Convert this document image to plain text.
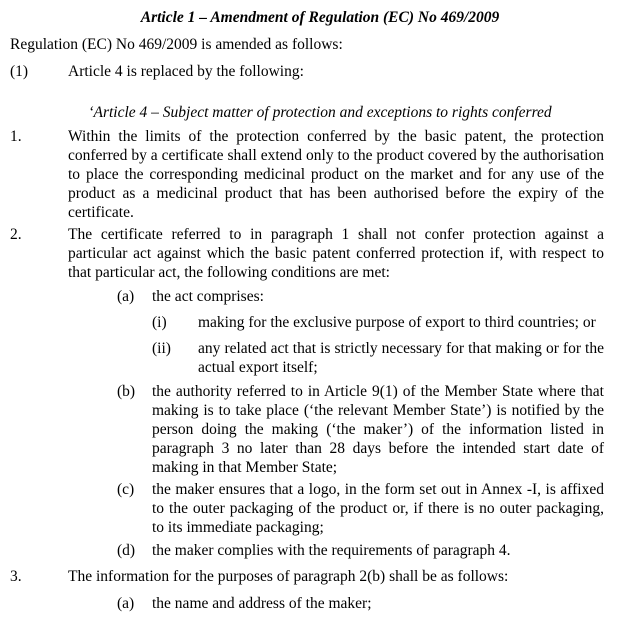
Article 1 – Amendment of Regulation (EC) No 469/2009
Regulation (EC) No 469/2009 is amended as follows:
(1)	Article 4 is replaced by the following:
‘Article 4 – Subject matter of protection and exceptions to rights conferred
1.	Within the limits of the protection conferred by the basic patent, the protection conferred by a certificate shall extend only to the product covered by the authorisation to place the corresponding medicinal product on the market and for any use of the product as a medicinal product that has been authorised before the expiry of the certificate.
2.	The certificate referred to in paragraph 1 shall not confer protection against a particular act against which the basic patent conferred protection if, with respect to that particular act, the following conditions are met:
(a) the act comprises:
(i) making for the exclusive purpose of export to third countries; or
(ii) any related act that is strictly necessary for that making or for the actual export itself;
(b) the authority referred to in Article 9(1) of the Member State where that making is to take place (‘the relevant Member State’) is notified by the person doing the making (‘the maker’) of the information listed in paragraph 3 no later than 28 days before the intended start date of making in that Member State;
(c) the maker ensures that a logo, in the form set out in Annex -I, is affixed to the outer packaging of the product or, if there is no outer packaging, to its immediate packaging;
(d) the maker complies with the requirements of paragraph 4.
3.	The information for the purposes of paragraph 2(b) shall be as follows:
(a) the name and address of the maker;
